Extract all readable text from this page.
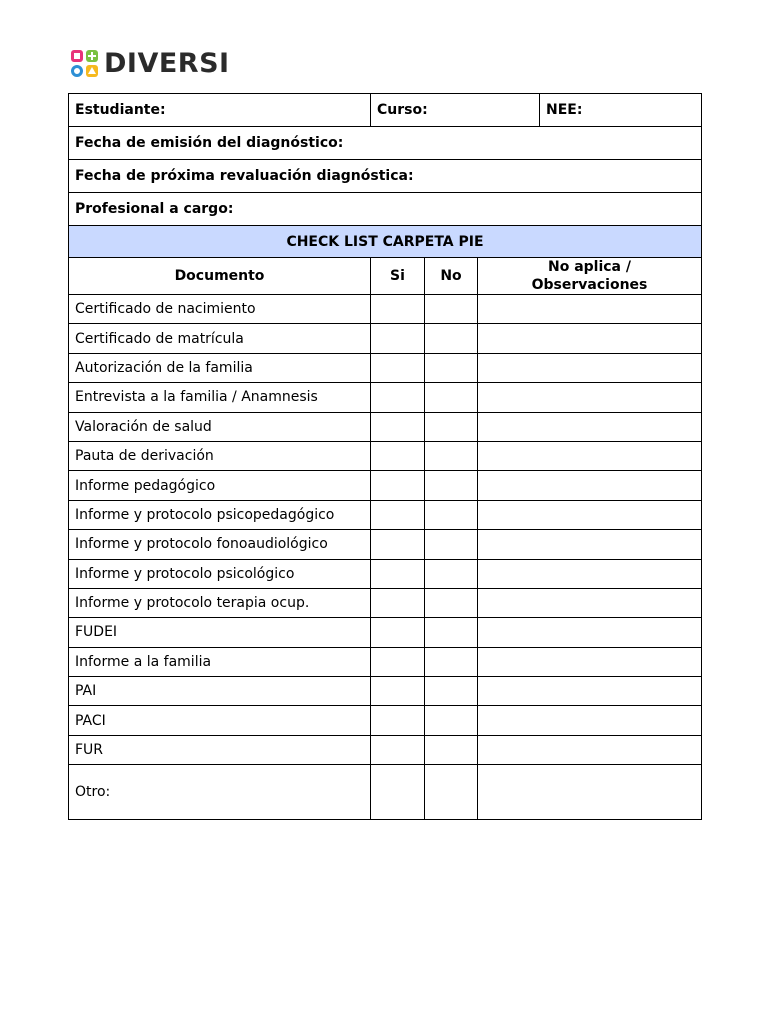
DIVERSI
Estudiante:	Curso:			NEE:
Fecha de emisión del diagnóstico:				
Fecha de próxima revaluación diagnóstica:				
Profesional a cargo:				
CHECK LIST CARPETA PIE				
Documento	Si	No	No aplica /
Observaciones	
Certificado de nacimiento				
Certificado de matrícula				
Autorización de la familia				
Entrevista a la familia / Anamnesis				
Valoración de salud				
Pauta de derivación				
Informe pedagógico				
Informe y protocolo psicopedagógico				
Informe y protocolo fonoaudiológico				
Informe y protocolo psicológico				
Informe y protocolo terapia ocup.				
FUDEI				
Informe a la familia				
PAI				
PACI				
FUR				
Otro:				
